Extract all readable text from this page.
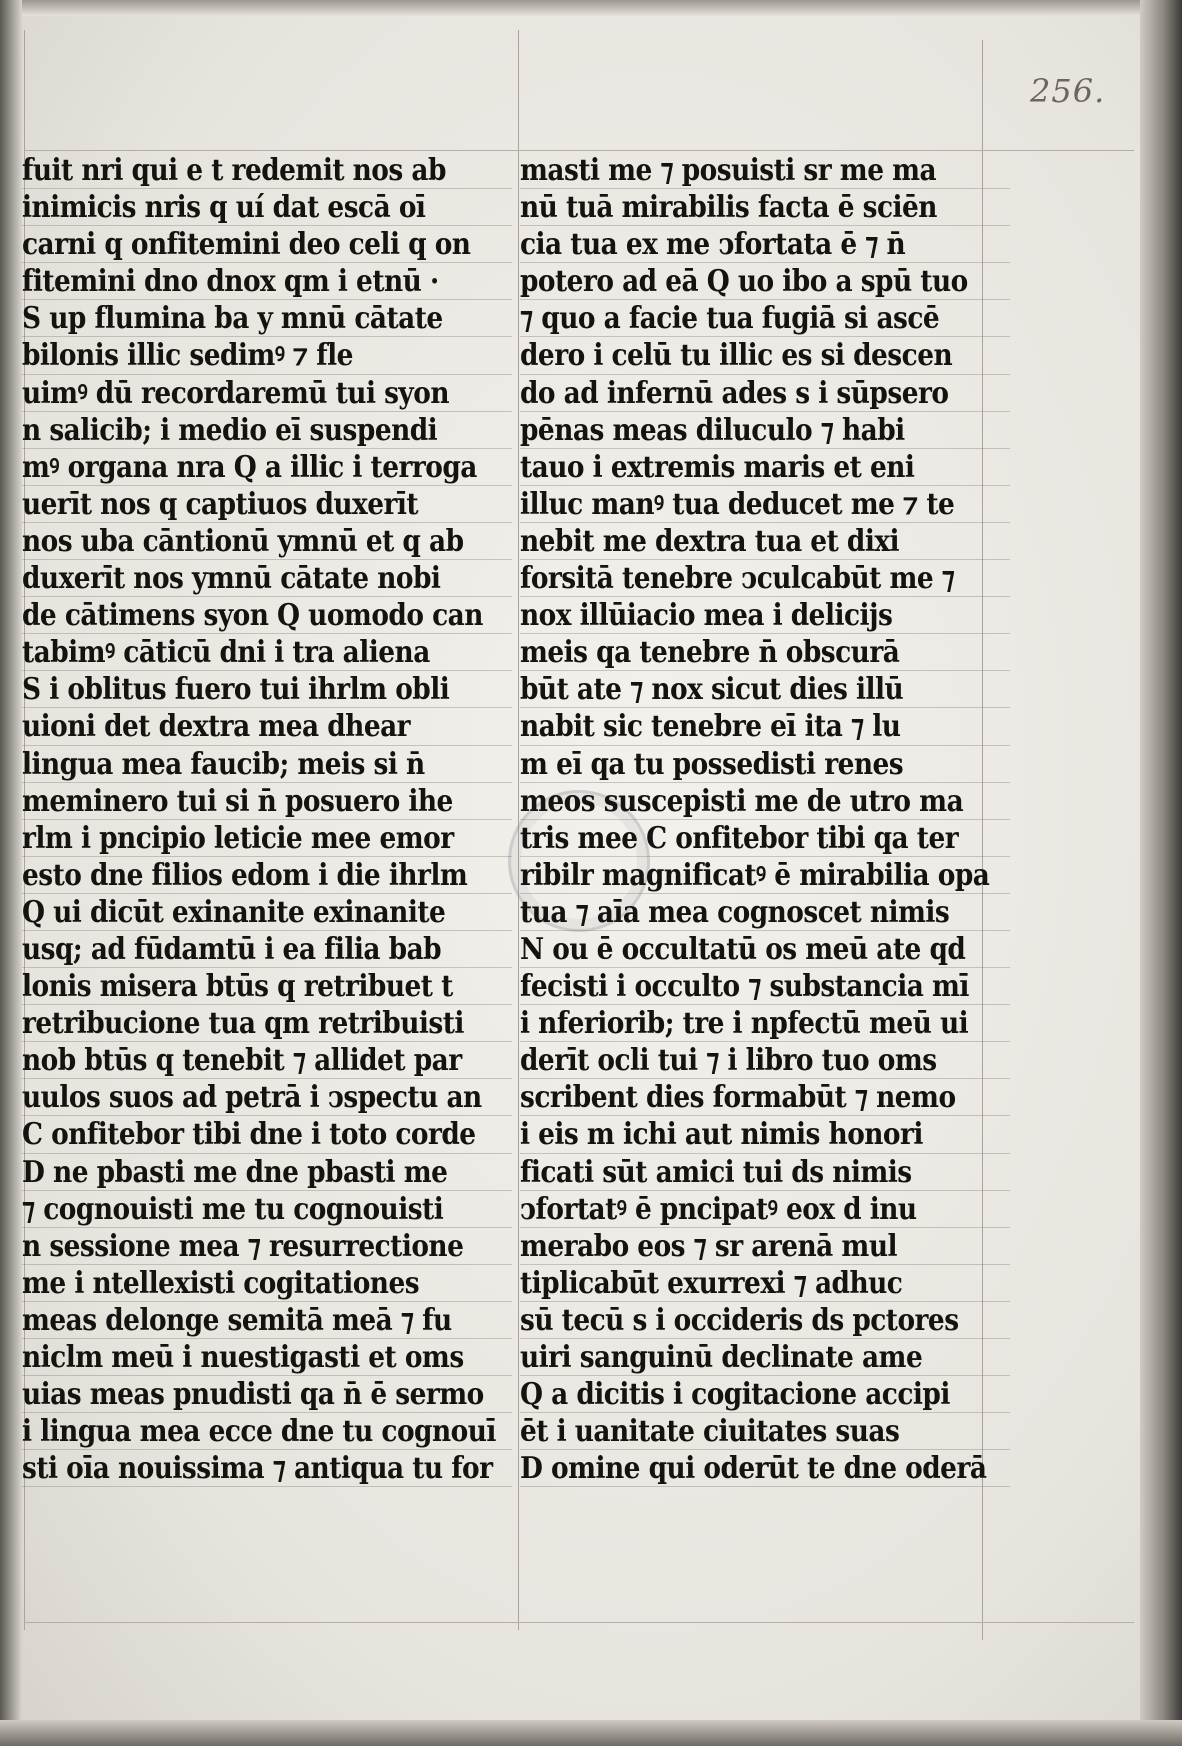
256.
fuit nri qui e t redemit nos ab
inimicis nris q uí dat escā oī
carni q onfitemini deo celi q on
fitemini dno dnox qm i etnū ·
S up flumina ba y mnū cātate
bilonis illic sedimꝰ ⁊ fle
uimꝰ dū recordaremū tui syon
n salicib; i medio eī suspendi
mꝰ organa nra Q a illic i terroga
uerīt nos q captiuos duxerīt
nos uba cāntionū ymnū et q ab
duxerīt nos ymnū cātate nobi
de cātimens syon Q uomodo can
tabimꝰ cāticū dni i tra aliena
S i oblitus fuero tui ihrlm obli
uioni det dextra mea dhear
lingua mea faucib; meis si n̄
meminero tui si n̄ posuero ihe
rlm i pncipio leticie mee emor
esto dne filios edom i die ihrlm
Q ui dicūt exinanite exinanite
usq; ad fūdamtū i ea filia bab
lonis misera btūs q retribuet t
retribucione tua qm retribuisti
nob btūs q tenebit ⁊ allidet par
uulos suos ad petrā i ↄspectu an
C onfitebor tibi dne i toto corde
D ne pbasti me dne pbasti me
⁊ cognouisti me tu cognouisti
n sessione mea ⁊ resurrectione
me i ntellexisti cogitationes
meas delonge semitā meā ⁊ fu
niclm meū i nuestigasti et oms
uias meas pnudisti qa n̄ ē sermo
i lingua mea ecce dne tu cognouī
sti oīa nouissima ⁊ antiqua tu for
masti me ⁊ posuisti sr me ma
nū tuā mirabilis facta ē sciēn
cia tua ex me ↄfortata ē ⁊ n̄
potero ad eā Q uo ibo a spū tuo
⁊ quo a facie tua fugiā si ascē
dero i celū tu illic es si descen
do ad infernū ades s i sūpsero
pēnas meas diluculo ⁊ habi
tauo i extremis maris et eni
illuc manꝰ tua deducet me ⁊ te
nebit me dextra tua et dixi
forsitā tenebre ↄculcabūt me ⁊
nox illūiacio mea i delicijs
meis qa tenebre n̄ obscurā
būt ate ⁊ nox sicut dies illū
nabit sic tenebre eī ita ⁊ lu
m eī qa tu possedisti renes
meos suscepisti me de utro ma
tris mee C onfitebor tibi qa ter
ribilr magnificatꝰ ē mirabilia opa
tua ⁊ aīa mea cognoscet nimis
N ou ē occultatū os meū ate qd
fecisti i occulto ⁊ substancia mī
i nferiorib; tre i npfectū meū ui
derīt ocli tui ⁊ i libro tuo oms
scribent dies formabūt ⁊ nemo
i eis m ichi aut nimis honori
ficati sūt amici tui ds nimis
ↄfortatꝰ ē pncipatꝰ eox d inu
merabo eos ⁊ sr arenā mul
tiplicabūt exurrexi ⁊ adhuc
sū tecū s i occideris ds pctores
uiri sanguinū declinate ame
Q a dicitis i cogitacione accipi
ēt i uanitate ciuitates suas
D omine qui oderūt te dne oderā
